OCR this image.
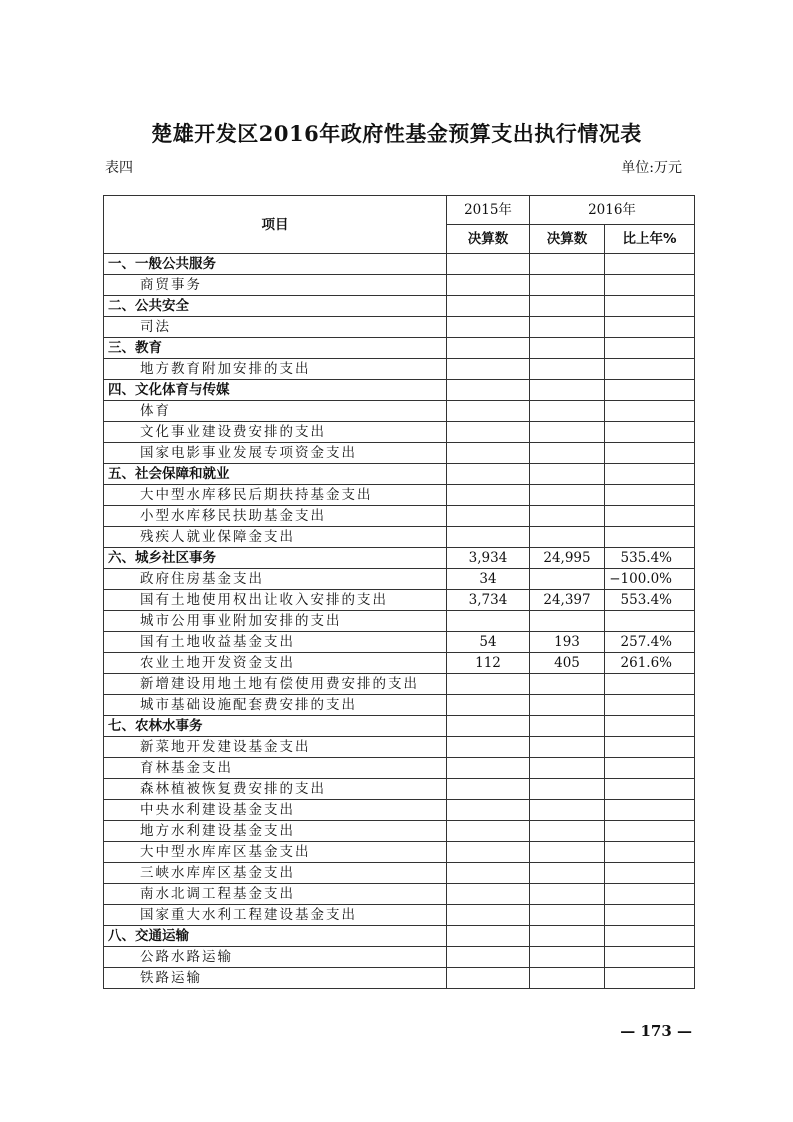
楚雄开发区2016年政府性基金预算支出执行情况表
表四	单位:万元
项目	2015年	2016年	
	决算数	决算数	比上年%
一、一般公共服务			
商贸事务			
二、公共安全			
司法			
三、教育			
地方教育附加安排的支出			
四、文化体育与传媒			
体育			
文化事业建设费安排的支出			
国家电影事业发展专项资金支出			
五、社会保障和就业			
大中型水库移民后期扶持基金支出			
小型水库移民扶助基金支出			
残疾人就业保障金支出			
六、城乡社区事务	3,934	24,995	535.4%
政府住房基金支出	34		−100.0%
国有土地使用权出让收入安排的支出	3,734	24,397	553.4%
城市公用事业附加安排的支出			
国有土地收益基金支出	54	193	257.4%
农业土地开发资金支出	112	405	261.6%
新增建设用地土地有偿使用费安排的支出			
城市基础设施配套费安排的支出			
七、农林水事务			
新菜地开发建设基金支出			
育林基金支出			
森林植被恢复费安排的支出			
中央水利建设基金支出			
地方水利建设基金支出			
大中型水库库区基金支出			
三峡水库库区基金支出			
南水北调工程基金支出			
国家重大水利工程建设基金支出			
八、交通运输			
公路水路运输			
铁路运输			
— 173 —
